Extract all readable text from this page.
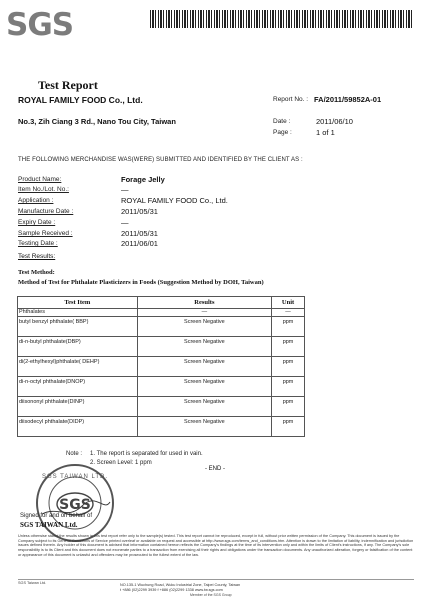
SGS
Test Report
ROYAL FAMILY FOOD Co., Ltd.
No.3, Zih Ciang 3 Rd., Nano Tou City, Taiwan
Report No. : FA/2011/59852A-01
Date :	2011/06/10
Page :	1 of 1
THE FOLLOWING MERCHANDISE WAS(WERE) SUBMITTED AND IDENTIFIED BY THE CLIENT AS :
Product Name:	Forage Jelly
Item No./Lot. No.:	—
Application :	ROYAL FAMILY FOOD Co., Ltd.
Manufacture Date :	2011/05/31
Expiry Date :	—
Sample Received :	2011/05/31
Testing Date :	2011/06/01
Test Results:
Test Method:
Method of Test for Phthalate Plasticizers in Foods (Suggestion Method by DOH, Taiwan)
Test Item	Results	Unit
Phthalates	—	—
butyl benzyl phthalate( BBP)	Screen Negative	ppm
di-n-butyl phthalate(DBP)	Screen Negative	ppm
di(2-ethylhexyl)phthalate( DEHP)	Screen Negative	ppm
di-n-octyl phthalate(DNOP)	Screen Negative	ppm
diisononyl phthalate(DINP)	Screen Negative	ppm
diisodecyl phthalate(DIDP)	Screen Negative	ppm
Note : 1. The report is separated for used in vain.
2. Screen Level: 1 ppm
- END -
SGS
SGS TAIWAN LTD.
Signed for and on behalf of
SGS TAIWAN Ltd.
Unless otherwise stated the results shown in this test report refer only to the sample(s) tested. This test report cannot be reproduced, except in full, without prior written permission of the Company. This document is issued by the Company subject to its General Conditions of Service printed overleaf or available on request and accessible at http://www.sgs.com/terms_and_conditions.htm. Attention is drawn to the limitation of liability, indemnification and jurisdiction issues defined therein. Any holder of this document is advised that information contained hereon reflects the Company's findings at the time of its intervention only and within the limits of Client's instructions, if any. The Company's sole responsibility is to its Client and this document does not exonerate parties to a transaction from exercising all their rights and obligations under the transaction documents. Any unauthorized alteration, forgery or falsification of the content or appearance of this document is unlawful and offenders may be prosecuted to the fullest extent of the law.
SGS Taiwan Ltd.	NO.135-1 Wuchung Road, Wuku Industrial Zone, Taipei County, Taiwan
t +886 (02)2299 3939 f +886 (02)2299 1338 www.tw.sgs.com
Member of the SGS Group
